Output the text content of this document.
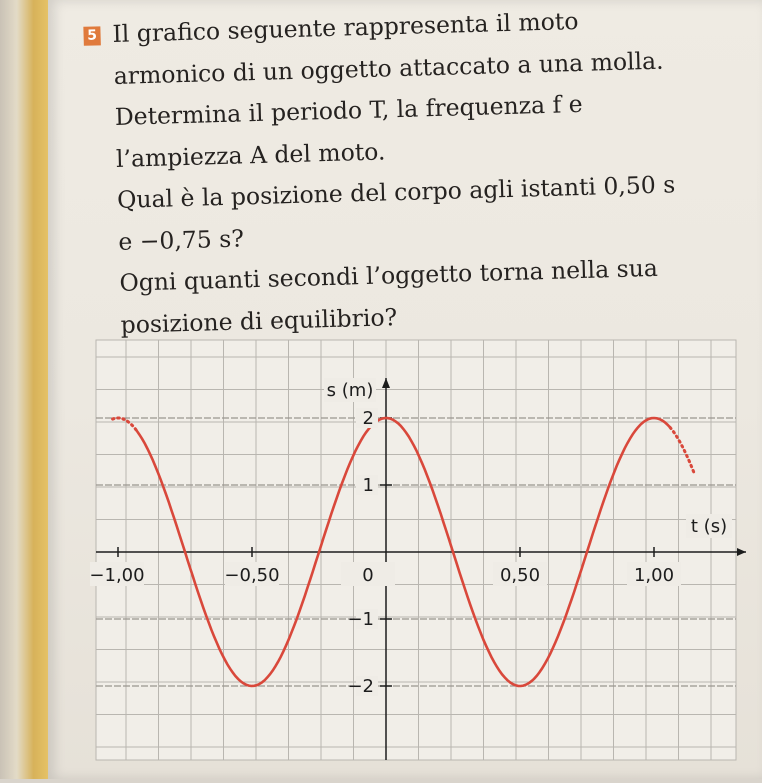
5 Il grafico seguente rappresenta il moto

armonico di un oggetto attaccato a una molla.

Determina il periodo T, la frequenza f e

l’ampiezza A del moto.

Qual è la posizione del corpo agli istanti 0,50 s

e −0,75 s?

Ogni quanti secondi l’oggetto torna nella sua

posizione di equilibrio?

−1,00	−0,50	0	0,50	1,00
2
1
−1
−2
s (m)
t (s)
